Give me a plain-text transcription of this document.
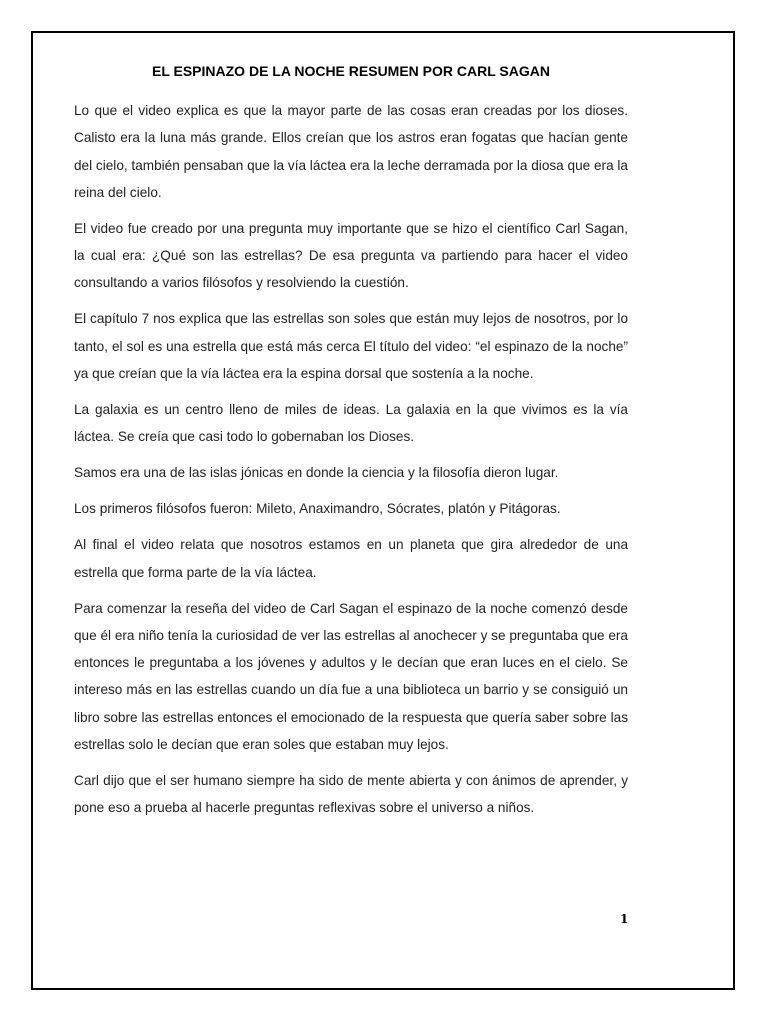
EL ESPINAZO DE LA NOCHE RESUMEN POR CARL SAGAN

Lo que el video explica es que la mayor parte de las cosas eran creadas por los dioses. Calisto era la luna más grande. Ellos creían que los astros eran fogatas que hacían gente del cielo, también pensaban que la vía láctea era la leche derramada por la diosa que era la reina del cielo.

El video fue creado por una pregunta muy importante que se hizo el científico Carl Sagan, la cual era: ¿Qué son las estrellas? De esa pregunta va partiendo para hacer el video consultando a varios filósofos y resolviendo la cuestión.

El capítulo 7 nos explica que las estrellas son soles que están muy lejos de nosotros, por lo tanto, el sol es una estrella que está más cerca El título del video: “el espinazo de la noche” ya que creían que la vía láctea era la espina dorsal que sostenía a la noche.

La galaxia es un centro lleno de miles de ideas. La galaxia en la que vivimos es la vía láctea. Se creía que casi todo lo gobernaban los Dioses.

Samos era una de las islas jónicas en donde la ciencia y la filosofía dieron lugar.

Los primeros filósofos fueron: Mileto, Anaximandro, Sócrates, platón y Pitágoras.

Al final el video relata que nosotros estamos en un planeta que gira alrededor de una estrella que forma parte de la vía láctea.

Para comenzar la reseña del video de Carl Sagan el espinazo de la noche comenzó desde que él era niño tenía la curiosidad de ver las estrellas al anochecer y se preguntaba que era entonces le preguntaba a los jóvenes y adultos y le decían que eran luces en el cielo. Se intereso más en las estrellas cuando un día fue a una biblioteca un barrio y se consiguió un libro sobre las estrellas entonces el emocionado de la respuesta que quería saber sobre las estrellas solo le decían que eran soles que estaban muy lejos.

Carl dijo que el ser humano siempre ha sido de mente abierta y con ánimos de aprender, y pone eso a prueba al hacerle preguntas reflexivas sobre el universo a niños.

1
